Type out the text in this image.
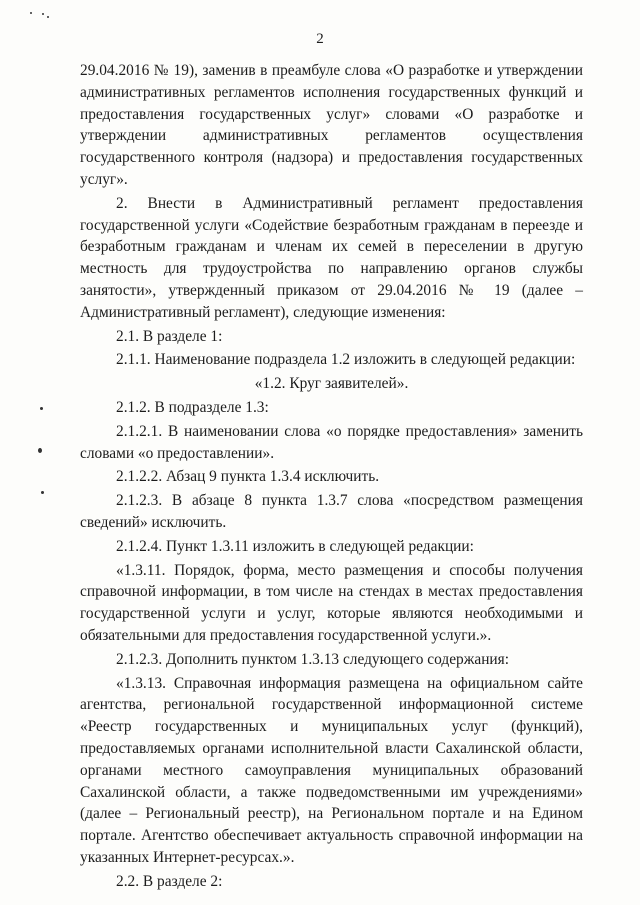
2

29.04.2016 № 19), заменив в преамбуле слова «О разработке и утверждении административных регламентов исполнения государственных функций и предоставления государственных услуг» словами «О разработке и утверждении административных регламентов осуществления государственного контроля (надзора) и предоставления государственных услуг».

2. Внести в Административный регламент предоставления государственной услуги «Содействие безработным гражданам в переезде и безработным гражданам и членам их семей в переселении в другую местность для трудоустройства по направлению органов службы занятости», утвержденный приказом от 29.04.2016 № 19 (далее – Административный регламент), следующие изменения:

2.1. В разделе 1:

2.1.1. Наименование подраздела 1.2 изложить в следующей редакции:

«1.2. Круг заявителей».

2.1.2. В подразделе 1.3:

2.1.2.1. В наименовании слова «о порядке предоставления» заменить словами «о предоставлении».

2.1.2.2. Абзац 9 пункта 1.3.4 исключить.

2.1.2.3. В абзаце 8 пункта 1.3.7 слова «посредством размещения сведений» исключить.

2.1.2.4. Пункт 1.3.11 изложить в следующей редакции:

«1.3.11. Порядок, форма, место размещения и способы получения справочной информации, в том числе на стендах в местах предоставления государственной услуги и услуг, которые являются необходимыми и обязательными для предоставления государственной услуги.».

2.1.2.3. Дополнить пунктом 1.3.13 следующего содержания:

«1.3.13. Справочная информация размещена на официальном сайте агентства, региональной государственной информационной системе «Реестр государственных и муниципальных услуг (функций), предоставляемых органами исполнительной власти Сахалинской области, органами местного самоуправления муниципальных образований Сахалинской области, а также подведомственными им учреждениями» (далее – Региональный реестр), на Региональном портале и на Едином портале. Агентство обеспечивает актуальность справочной информации на указанных Интернет-ресурсах.».

2.2. В разделе 2:
